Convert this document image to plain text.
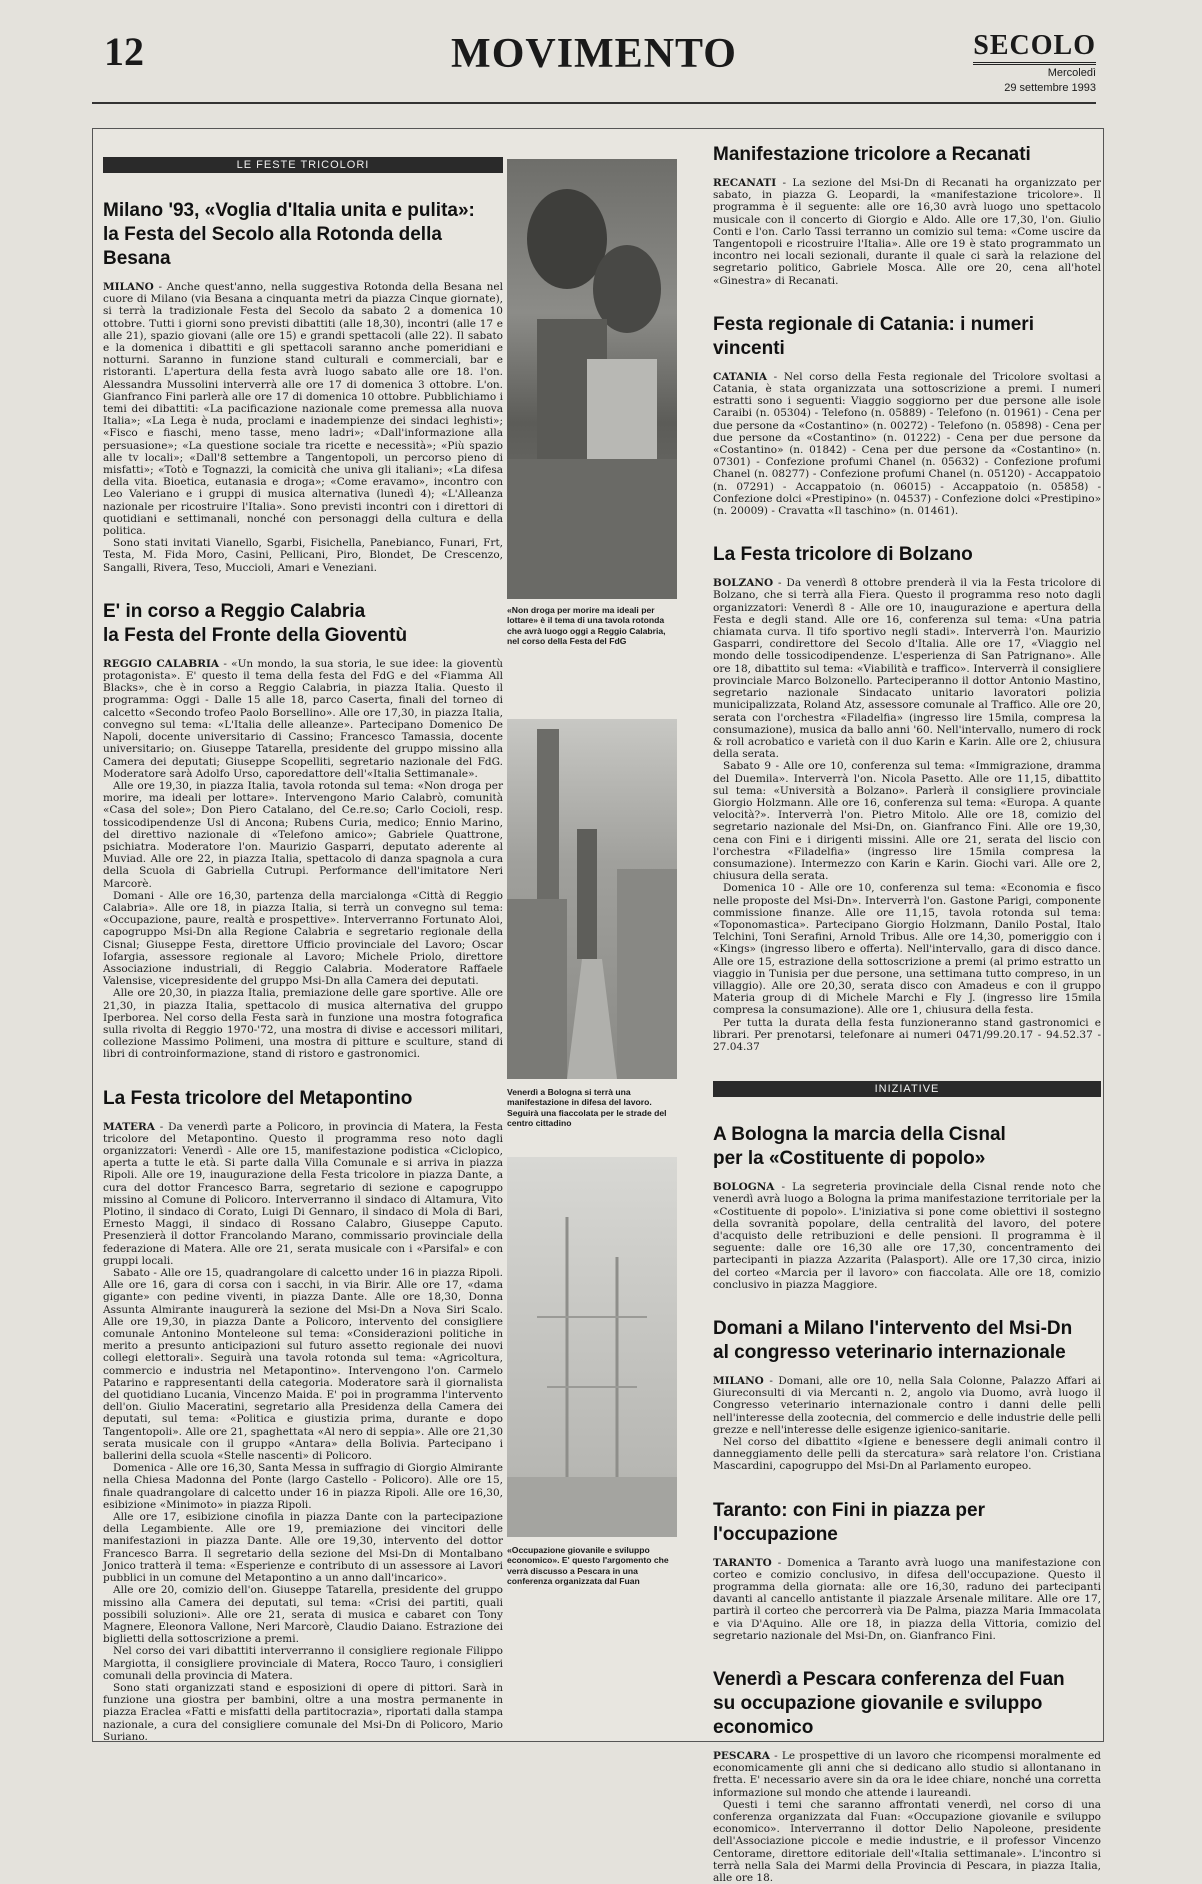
12	MOVIMENTO	SECOLO
Mercoledì
29 settembre 1993
LE FESTE TRICOLORI
Milano '93, «Voglia d'Italia unita e pulita»:
la Festa del Secolo alla Rotonda della Besana

MILANO - Anche quest'anno, nella suggestiva Rotonda della Besana nel cuore di Milano (via Besana a cinquanta metri da piazza Cinque giornate), si terrà la tradizionale Festa del Secolo da sabato 2 a domenica 10 ottobre. Tutti i giorni sono previsti dibattiti (alle 18,30), incontri (alle 17 e alle 21), spazio giovani (alle ore 15) e grandi spettacoli (alle 22). Il sabato e la domenica i dibattiti e gli spettacoli saranno anche pomeridiani e notturni. Saranno in funzione stand culturali e commerciali, bar e ristoranti. L'apertura della festa avrà luogo sabato alle ore 18. l'on. Alessandra Mussolini interverrà alle ore 17 di domenica 3 ottobre. L'on. Gianfranco Fini parlerà alle ore 17 di domenica 10 ottobre. Pubblichiamo i temi dei dibattiti: «La pacificazione nazionale come premessa alla nuova Italia»; «La Lega è nuda, proclami e inadempienze dei sindaci leghisti»; «Fisco e fiaschi, meno tasse, meno ladri»; «Dall'informazione alla persuasione»; «La questione sociale tra ricette e necessità»; «Più spazio alle tv locali»; «Dall'8 settembre a Tangentopoli, un percorso pieno di misfatti»; «Totò e Tognazzi, la comicità che univa gli italiani»; «La difesa della vita. Bioetica, eutanasia e droga»; «Come eravamo», incontro con Leo Valeriano e i gruppi di musica alternativa (lunedì 4); «L'Alleanza nazionale per ricostruire l'Italia». Sono previsti incontri con i direttori di quotidiani e settimanali, nonché con personaggi della cultura e della politica.

Sono stati invitati Vianello, Sgarbi, Fisichella, Panebianco, Funari, Frt, Testa, M. Fida Moro, Casini, Pellicani, Piro, Blondet, De Crescenzo, Sangalli, Rivera, Teso, Muccioli, Amari e Veneziani.

E' in corso a Reggio Calabria
la Festa del Fronte della Gioventù

REGGIO CALABRIA - «Un mondo, la sua storia, le sue idee: la gioventù protagonista». E' questo il tema della festa del FdG e del «Fiamma All Blacks», che è in corso a Reggio Calabria, in piazza Italia. Questo il programma: Oggi - Dalle 15 alle 18, parco Caserta, finali del torneo di calcetto «Secondo trofeo Paolo Borsellino». Alle ore 17,30, in piazza Italia, convegno sul tema: «L'Italia delle alleanze». Partecipano Domenico De Napoli, docente universitario di Cassino; Francesco Tamassia, docente universitario; on. Giuseppe Tatarella, presidente del gruppo missino alla Camera dei deputati; Giuseppe Scopelliti, segretario nazionale del FdG. Moderatore sarà Adolfo Urso, caporedattore dell'«Italia Settimanale».

Alle ore 19,30, in piazza Italia, tavola rotonda sul tema: «Non droga per morire, ma ideali per lottare». Intervengono Mario Calabrò, comunità «Casa del sole»; Don Piero Catalano, del Ce.re.so; Carlo Cocioli, resp. tossicodipendenze Usl di Ancona; Rubens Curia, medico; Ennio Marino, del direttivo nazionale di «Telefono amico»; Gabriele Quattrone, psichiatra. Moderatore l'on. Maurizio Gasparri, deputato aderente al Muviad. Alle ore 22, in piazza Italia, spettacolo di danza spagnola a cura della Scuola di Gabriella Cutrupi. Performance dell'imitatore Neri Marcorè.

Domani - Alle ore 16,30, partenza della marcialonga «Città di Reggio Calabria». Alle ore 18, in piazza Italia, si terrà un convegno sul tema: «Occupazione, paure, realtà e prospettive». Interverranno Fortunato Aloi, capogruppo Msi-Dn alla Regione Calabria e segretario regionale della Cisnal; Giuseppe Festa, direttore Ufficio provinciale del Lavoro; Oscar Iofargia, assessore regionale al Lavoro; Michele Priolo, direttore Associazione industriali, di Reggio Calabria. Moderatore Raffaele Valensise, vicepresidente del gruppo Msi-Dn alla Camera dei deputati.

Alle ore 20,30, in piazza Italia, premiazione delle gare sportive. Alle ore 21,30, in piazza Italia, spettacolo di musica alternativa del gruppo Iperborea. Nel corso della Festa sarà in funzione una mostra fotografica sulla rivolta di Reggio 1970-'72, una mostra di divise e accessori militari, collezione Massimo Polimeni, una mostra di pitture e sculture, stand di libri di controinformazione, stand di ristoro e gastronomici.

La Festa tricolore del Metapontino

MATERA - Da venerdì parte a Policoro, in provincia di Matera, la Festa tricolore del Metapontino. Questo il programma reso noto dagli organizzatori: Venerdì - Alle ore 15, manifestazione podistica «Ciclopico, aperta a tutte le età. Si parte dalla Villa Comunale e si arriva in piazza Ripoli. Alle ore 19, inaugurazione della Festa tricolore in piazza Dante, a cura del dottor Francesco Barra, segretario di sezione e capogruppo missino al Comune di Policoro. Interverranno il sindaco di Altamura, Vito Plotino, il sindaco di Corato, Luigi Di Gennaro, il sindaco di Mola di Bari, Ernesto Maggi, il sindaco di Rossano Calabro, Giuseppe Caputo. Presenzierà il dottor Francolando Marano, commissario provinciale della federazione di Matera. Alle ore 21, serata musicale con i «Parsifal» e con gruppi locali.

Sabato - Alle ore 15, quadrangolare di calcetto under 16 in piazza Ripoli. Alle ore 16, gara di corsa con i sacchi, in via Birir. Alle ore 17, «dama gigante» con pedine viventi, in piazza Dante. Alle ore 18,30, Donna Assunta Almirante inaugurerà la sezione del Msi-Dn a Nova Siri Scalo. Alle ore 19,30, in piazza Dante a Policoro, intervento del consigliere comunale Antonino Monteleone sul tema: «Considerazioni politiche in merito a presunto anticipazioni sul futuro assetto regionale dei nuovi collegi elettorali». Seguirà una tavola rotonda sul tema: «Agricoltura, commercio e industria nel Metapontino». Intervengono l'on. Carmelo Patarino e rappresentanti della categoria. Moderatore sarà il giornalista del quotidiano Lucania, Vincenzo Maida. E' poi in programma l'intervento dell'on. Giulio Maceratini, segretario alla Presidenza della Camera dei deputati, sul tema: «Politica e giustizia prima, durante e dopo Tangentopoli». Alle ore 21, spaghettata «Al nero di seppia». Alle ore 21,30 serata musicale con il gruppo «Antara» della Bolivia. Partecipano i ballerini della scuola «Stelle nascenti» di Policoro.

Domenica - Alle ore 16,30, Santa Messa in suffragio di Giorgio Almirante nella Chiesa Madonna del Ponte (largo Castello - Policoro). Alle ore 15, finale quadrangolare di calcetto under 16 in piazza Ripoli. Alle ore 16,30, esibizione «Minimoto» in piazza Ripoli.

Alle ore 17, esibizione cinofila in piazza Dante con la partecipazione della Legambiente. Alle ore 19, premiazione dei vincitori delle manifestazioni in piazza Dante. Alle ore 19,30, intervento del dottor Francesco Barra. Il segretario della sezione del Msi-Dn di Montalbano Jonico tratterà il tema: «Esperienze e contributo di un assessore ai Lavori pubblici in un comune del Metapontino a un anno dall'incarico».

Alle ore 20, comizio dell'on. Giuseppe Tatarella, presidente del gruppo missino alla Camera dei deputati, sul tema: «Crisi dei partiti, quali possibili soluzioni». Alle ore 21, serata di musica e cabaret con Tony Magnere, Eleonora Vallone, Neri Marcorè, Claudio Daiano. Estrazione dei biglietti della sottoscrizione a premi.

Nel corso dei vari dibattiti interverranno il consigliere regionale Filippo Margiotta, il consigliere provinciale di Matera, Rocco Tauro, i consiglieri comunali della provincia di Matera.

Sono stati organizzati stand e esposizioni di opere di pittori. Sarà in funzione una giostra per bambini, oltre a una mostra permanente in piazza Eraclea «Fatti e misfatti della partitocrazia», riportati dalla stampa nazionale, a cura del consigliere comunale del Msi-Dn di Policoro, Mario Suriano.

«Non droga per morire ma ideali per lottare» è il tema di una tavola rotonda che avrà luogo oggi a Reggio Calabria, nel corso della Festa del FdG
Venerdì a Bologna si terrà una manifestazione in difesa del lavoro. Seguirà una fiaccolata per le strade del centro cittadino
«Occupazione giovanile e sviluppo economico». E' questo l'argomento che verrà discusso a Pescara in una conferenza organizzata dal Fuan
Manifestazione tricolore a Recanati

RECANATI - La sezione del Msi-Dn di Recanati ha organizzato per sabato, in piazza G. Leopardi, la «manifestazione tricolore». Il programma è il seguente: alle ore 16,30 avrà luogo uno spettacolo musicale con il concerto di Giorgio e Aldo. Alle ore 17,30, l'on. Giulio Conti e l'on. Carlo Tassi terranno un comizio sul tema: «Come uscire da Tangentopoli e ricostruire l'Italia». Alle ore 19 è stato programmato un incontro nei locali sezionali, durante il quale ci sarà la relazione del segretario politico, Gabriele Mosca. Alle ore 20, cena all'hotel «Ginestra» di Recanati.

Festa regionale di Catania: i numeri vincenti

CATANIA - Nel corso della Festa regionale del Tricolore svoltasi a Catania, è stata organizzata una sottoscrizione a premi. I numeri estratti sono i seguenti: Viaggio soggiorno per due persone alle isole Caraibi (n. 05304) - Telefono (n. 05889) - Telefono (n. 01961) - Cena per due persone da «Costantino» (n. 00272) - Telefono (n. 05898) - Cena per due persone da «Costantino» (n. 01222) - Cena per due persone da «Costantino» (n. 01842) - Cena per due persone da «Costantino» (n. 07301) - Confezione profumi Chanel (n. 05632) - Confezione profumi Chanel (n. 08277) - Confezione profumi Chanel (n. 05120) - Accappatoio (n. 07291) - Accappatoio (n. 06015) - Accappatoio (n. 05858) - Confezione dolci «Prestipino» (n. 04537) - Confezione dolci «Prestipino» (n. 20009) - Cravatta «Il taschino» (n. 01461).

La Festa tricolore di Bolzano

BOLZANO - Da venerdì 8 ottobre prenderà il via la Festa tricolore di Bolzano, che si terrà alla Fiera. Questo il programma reso noto dagli organizzatori: Venerdì 8 - Alle ore 10, inaugurazione e apertura della Festa e degli stand. Alle ore 16, conferenza sul tema: «Una patria chiamata curva. Il tifo sportivo negli stadi». Interverrà l'on. Maurizio Gasparri, condirettore del Secolo d'Italia. Alle ore 17, «Viaggio nel mondo delle tossicodipendenze. L'esperienza di San Patrignano». Alle ore 18, dibattito sul tema: «Viabilità e traffico». Interverrà il consigliere provinciale Marco Bolzonello. Parteciperanno il dottor Antonio Mastino, segretario nazionale Sindacato unitario lavoratori polizia municipalizzata, Roland Atz, assessore comunale al Traffico. Alle ore 20, serata con l'orchestra «Filadelfia» (ingresso lire 15mila, compresa la consumazione), musica da ballo anni '60. Nell'intervallo, numero di rock & roll acrobatico e varietà con il duo Karin e Karin. Alle ore 2, chiusura della serata.

Sabato 9 - Alle ore 10, conferenza sul tema: «Immigrazione, dramma del Duemila». Interverrà l'on. Nicola Pasetto. Alle ore 11,15, dibattito sul tema: «Università a Bolzano». Parlerà il consigliere provinciale Giorgio Holzmann. Alle ore 16, conferenza sul tema: «Europa. A quante velocità?». Interverrà l'on. Pietro Mitolo. Alle ore 18, comizio del segretario nazionale del Msi-Dn, on. Gianfranco Fini. Alle ore 19,30, cena con Fini e i dirigenti missini. Alle ore 21, serata del liscio con l'orchestra «Filadelfia» (ingresso lire 15mila compresa la consumazione). Intermezzo con Karin e Karin. Giochi vari. Alle ore 2, chiusura della serata.

Domenica 10 - Alle ore 10, conferenza sul tema: «Economia e fisco nelle proposte del Msi-Dn». Interverrà l'on. Gastone Parigi, componente commissione finanze. Alle ore 11,15, tavola rotonda sul tema: «Toponomastica». Partecipano Giorgio Holzmann, Danilo Postal, Italo Telchini, Toni Serafini, Arnold Tribus. Alle ore 14,30, pomeriggio con i «Kings» (ingresso libero e offerta). Nell'intervallo, gara di disco dance. Alle ore 15, estrazione della sottoscrizione a premi (al primo estratto un viaggio in Tunisia per due persone, una settimana tutto compreso, in un villaggio). Alle ore 20,30, serata disco con Amadeus e con il gruppo Materia group di di Michele Marchi e Fly J. (ingresso lire 15mila compresa la consumazione). Alle ore 1, chiusura della festa.

Per tutta la durata della festa funzioneranno stand gastronomici e librari. Per prenotarsi, telefonare ai numeri 0471/99.20.17 - 94.52.37 - 27.04.37

INIZIATIVE
A Bologna la marcia della Cisnal
per la «Costituente di popolo»

BOLOGNA - La segreteria provinciale della Cisnal rende noto che venerdì avrà luogo a Bologna la prima manifestazione territoriale per la «Costituente di popolo». L'iniziativa si pone come obiettivi il sostegno della sovranità popolare, della centralità del lavoro, del potere d'acquisto delle retribuzioni e delle pensioni. Il programma è il seguente: dalle ore 16,30 alle ore 17,30, concentramento dei partecipanti in piazza Azzarita (Palasport). Alle ore 17,30 circa, inizio del corteo «Marcia per il lavoro» con fiaccolata. Alle ore 18, comizio conclusivo in piazza Maggiore.

Domani a Milano l'intervento del Msi-Dn
al congresso veterinario internazionale

MILANO - Domani, alle ore 10, nella Sala Colonne, Palazzo Affari ai Giureconsulti di via Mercanti n. 2, angolo via Duomo, avrà luogo il Congresso veterinario internazionale contro i danni delle pelli nell'interesse della zootecnia, del commercio e delle industrie delle pelli grezze e nell'interesse delle esigenze igienico-sanitarie.

Nel corso del dibattito «Igiene e benessere degli animali contro il danneggiamento delle pelli da stercatura» sarà relatore l'on. Cristiana Mascardini, capogruppo del Msi-Dn al Parlamento europeo.

Taranto: con Fini in piazza per l'occupazione

TARANTO - Domenica a Taranto avrà luogo una manifestazione con corteo e comizio conclusivo, in difesa dell'occupazione. Questo il programma della giornata: alle ore 16,30, raduno dei partecipanti davanti al cancello antistante il piazzale Arsenale militare. Alle ore 17, partirà il corteo che percorrerà via De Palma, piazza Maria Immacolata e via D'Aquino. Alle ore 18, in piazza della Vittoria, comizio del segretario nazionale del Msi-Dn, on. Gianfranco Fini.

Venerdì a Pescara conferenza del Fuan
su occupazione giovanile e sviluppo economico

PESCARA - Le prospettive di un lavoro che ricompensi moralmente ed economicamente gli anni che si dedicano allo studio si allontanano in fretta. E' necessario avere sin da ora le idee chiare, nonché una corretta informazione sul mondo che attende i laureandi.

Questi i temi che saranno affrontati venerdì, nel corso di una conferenza organizzata dal Fuan: «Occupazione giovanile e sviluppo economico». Interverranno il dottor Delio Napoleone, presidente dell'Associazione piccole e medie industrie, e il professor Vincenzo Centorame, direttore editoriale dell'«Italia settimanale». L'incontro si terrà nella Sala dei Marmi della Provincia di Pescara, in piazza Italia, alle ore 18.
